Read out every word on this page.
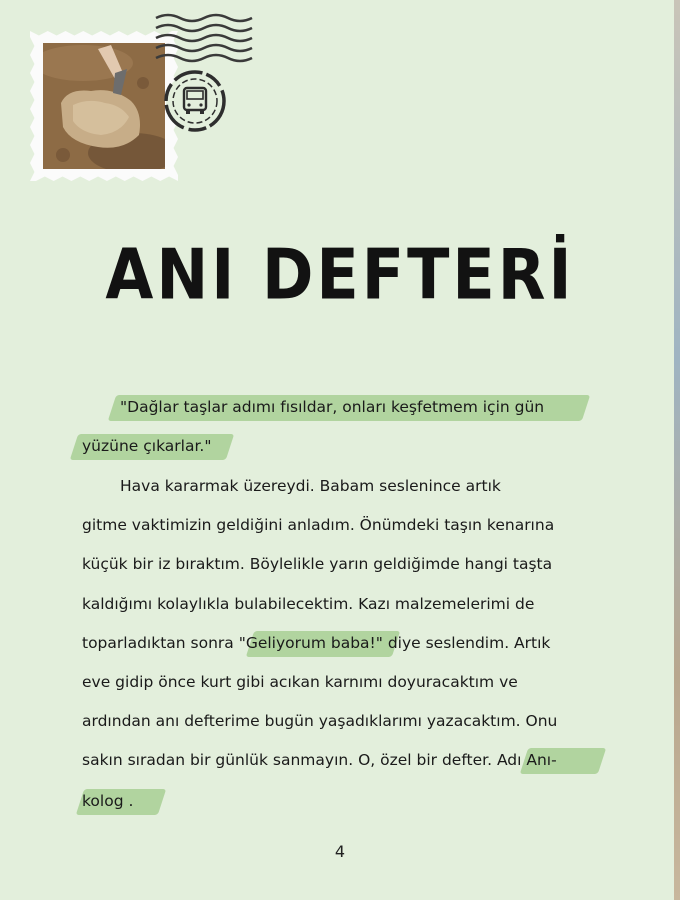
ANI DEFTERİ
"Dağlar taşlar adımı fısıldar, onları keşfetmem için gün
yüzüne çıkarlar."
Hava kararmak üzereydi. Babam seslenince artık
gitme vaktimizin geldiğini anladım. Önümdeki taşın kenarına
küçük bir iz bıraktım. Böylelikle yarın geldiğimde hangi taşta
kaldığımı kolaylıkla bulabilecektim. Kazı malzemelerimi de
toparladıktan sonra "Geliyorum baba!" diye seslendim. Artık
eve gidip önce kurt gibi acıkan karnımı doyuracaktım ve
ardından anı defterime bugün yaşadıklarımı yazacaktım. Onu
sakın sıradan bir günlük sanmayın. O, özel bir defter. Adı Anı-
kolog .
4
